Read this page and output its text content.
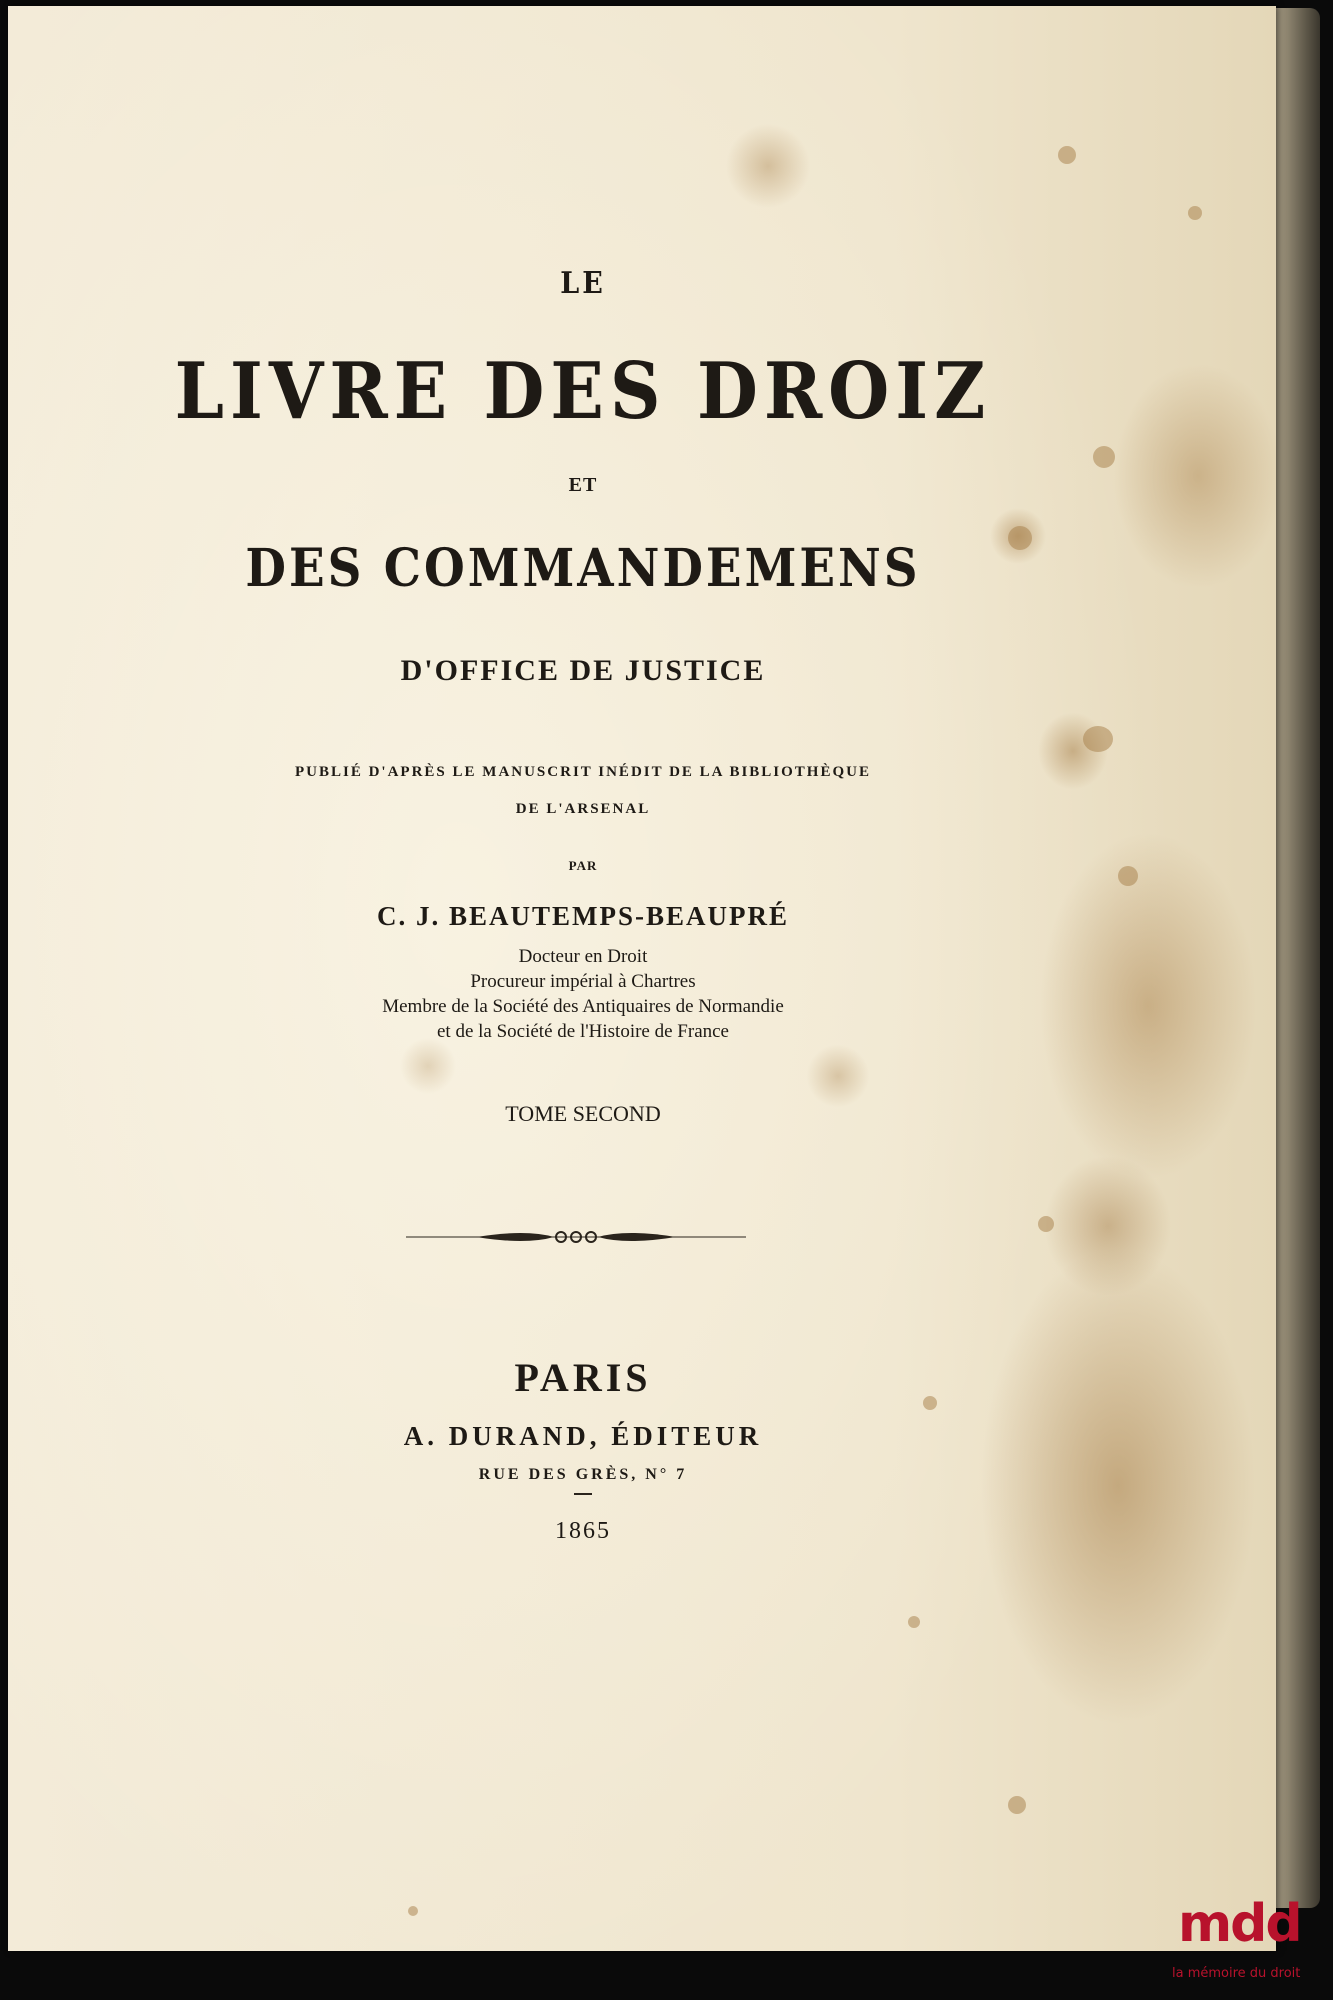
LE
LIVRE DES DROIZ
ET
DES COMMANDEMENS
D'OFFICE DE JUSTICE
PUBLIÉ D'APRÈS LE MANUSCRIT INÉDIT DE LA BIBLIOTHÈQUE
DE L'ARSENAL
PAR
C. J. BEAUTEMPS-BEAUPRÉ
Docteur en Droit
Procureur impérial à Chartres
Membre de la Société des Antiquaires de Normandie
et de la Société de l'Histoire de France
TOME SECOND
PARIS
A. DURAND, ÉDITEUR
RUE DES GRÈS, N° 7
1865
mdd
la mémoire du droit
